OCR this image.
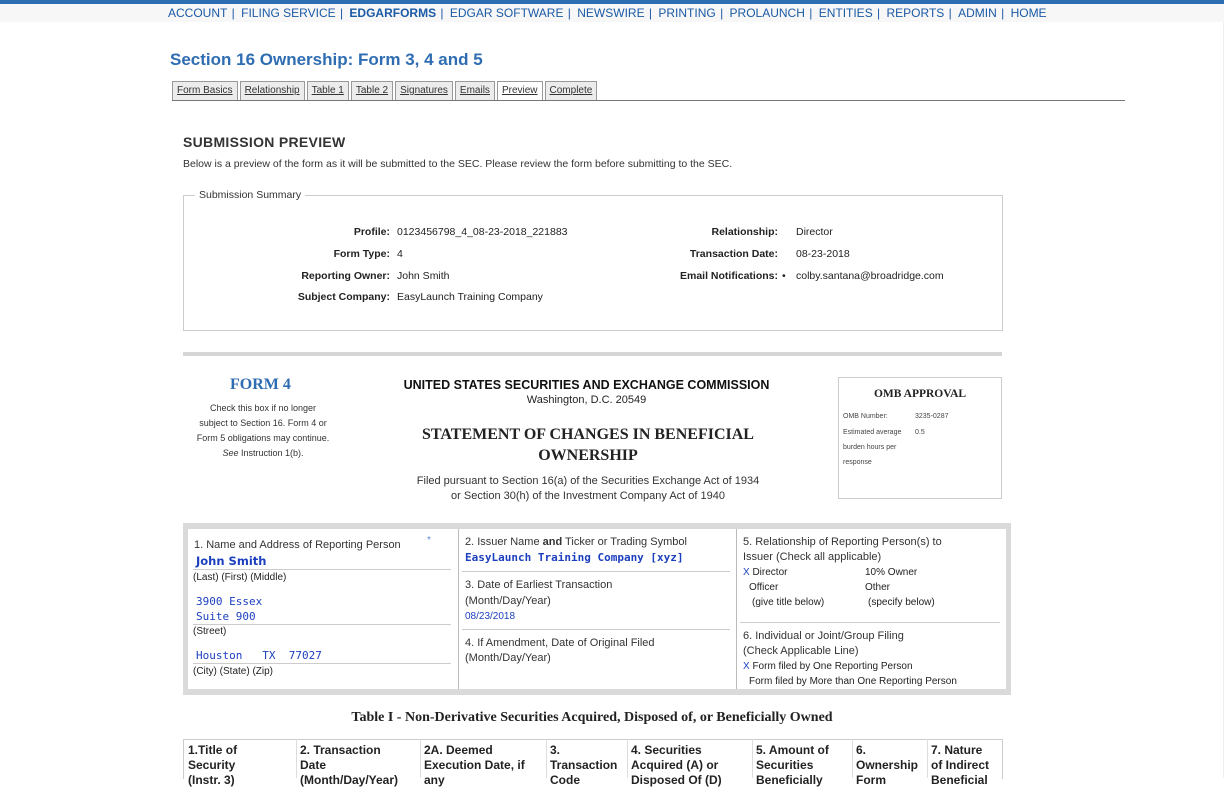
ACCOUNT | FILING SERVICE | EDGARFORMS | EDGAR SOFTWARE | NEWSWIRE | PRINTING | PROLAUNCH | ENTITIES | REPORTS | ADMIN | HOME
Section 16 Ownership: Form 3, 4 and 5
Form Basics	Relationship	Table 1	Table 2	Signatures	Emails	Preview	Complete
SUBMISSION PREVIEW
Below is a preview of the form as it will be submitted to the SEC. Please review the form before submitting to the SEC.
Submission Summary
Profile: 0123456798_4_08-23-2018_221883
Form Type: 4
Reporting Owner: John Smith
Subject Company: EasyLaunch Training Company
Relationship: Director
Transaction Date: 08-23-2018
Email Notifications: • colby.santana@broadridge.com
FORM 4
Check this box if no longer
subject to Section 16. Form 4 or
Form 5 obligations may continue.
See Instruction 1(b).
UNITED STATES SECURITIES AND EXCHANGE COMMISSION
Washington, D.C. 20549
STATEMENT OF CHANGES IN BENEFICIAL
OWNERSHIP
Filed pursuant to Section 16(a) of the Securities Exchange Act of 1934
or Section 30(h) of the Investment Company Act of 1940
OMB APPROVAL
OMB Number:	3235-0287
Estimated average 0.5
burden hours per
response
1. Name and Address of Reporting Person	*
John Smith
(Last) (First) (Middle)
3900 Essex
Suite 900
(Street)
Houston   TX  77027
(City) (State) (Zip)
2. Issuer Name and Ticker or Trading Symbol
EasyLaunch Training Company [xyz]
3. Date of Earliest Transaction
(Month/Day/Year)
08/23/2018
4. If Amendment, Date of Original Filed
(Month/Day/Year)
5. Relationship of Reporting Person(s) to
Issuer (Check all applicable)
X Director	10% Owner
Officer	Other
(give title below)	(specify below)
6. Individual or Joint/Group Filing
(Check Applicable Line)
X Form filed by One Reporting Person
Form filed by More than One Reporting Person
Table I - Non-Derivative Securities Acquired, Disposed of, or Beneficially Owned
1.Title of
Security
(Instr. 3)
2. Transaction
Date
(Month/Day/Year)
2A. Deemed
Execution Date, if
any
3.
Transaction
Code
4. Securities
Acquired (A) or
Disposed Of (D)
5. Amount of
Securities
Beneficially
6.
Ownership
Form
7. Nature
of Indirect
Beneficial
